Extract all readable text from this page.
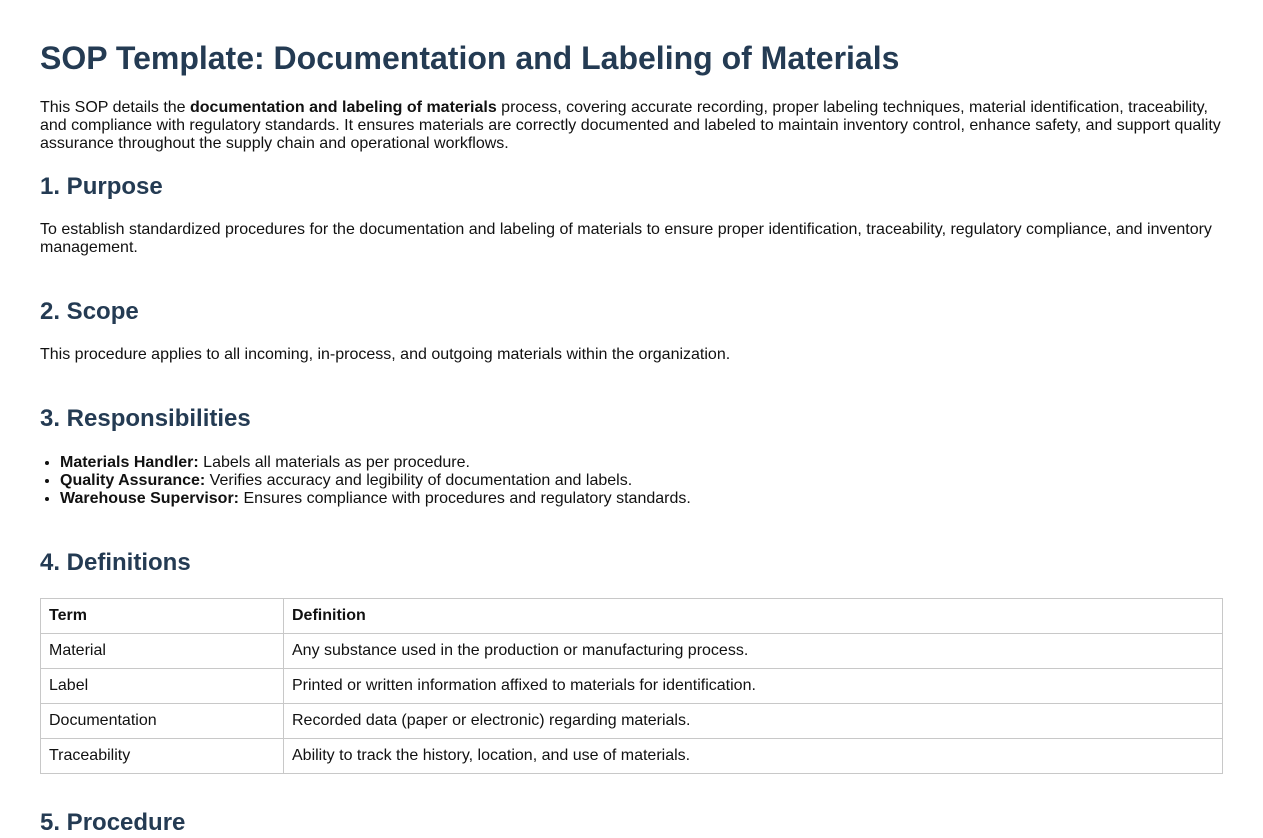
SOP Template: Documentation and Labeling of Materials

This SOP details the documentation and labeling of materials process, covering accurate recording, proper labeling techniques, material identification, traceability, and compliance with regulatory standards. It ensures materials are correctly documented and labeled to maintain inventory control, enhance safety, and support quality assurance throughout the supply chain and operational workflows.

1. Purpose

To establish standardized procedures for the documentation and labeling of materials to ensure proper identification, traceability, regulatory compliance, and inventory management.

2. Scope

This procedure applies to all incoming, in-process, and outgoing materials within the organization.

3. Responsibilities
• Materials Handler: Labels all materials as per procedure.
• Quality Assurance: Verifies accuracy and legibility of documentation and labels.
• Warehouse Supervisor: Ensures compliance with procedures and regulatory standards.
4. Definitions
Term	Definition
Material	Any substance used in the production or manufacturing process.
Label	Printed or written information affixed to materials for identification.
Documentation	Recorded data (paper or electronic) regarding materials.
Traceability	Ability to track the history, location, and use of materials.
5. Procedure
